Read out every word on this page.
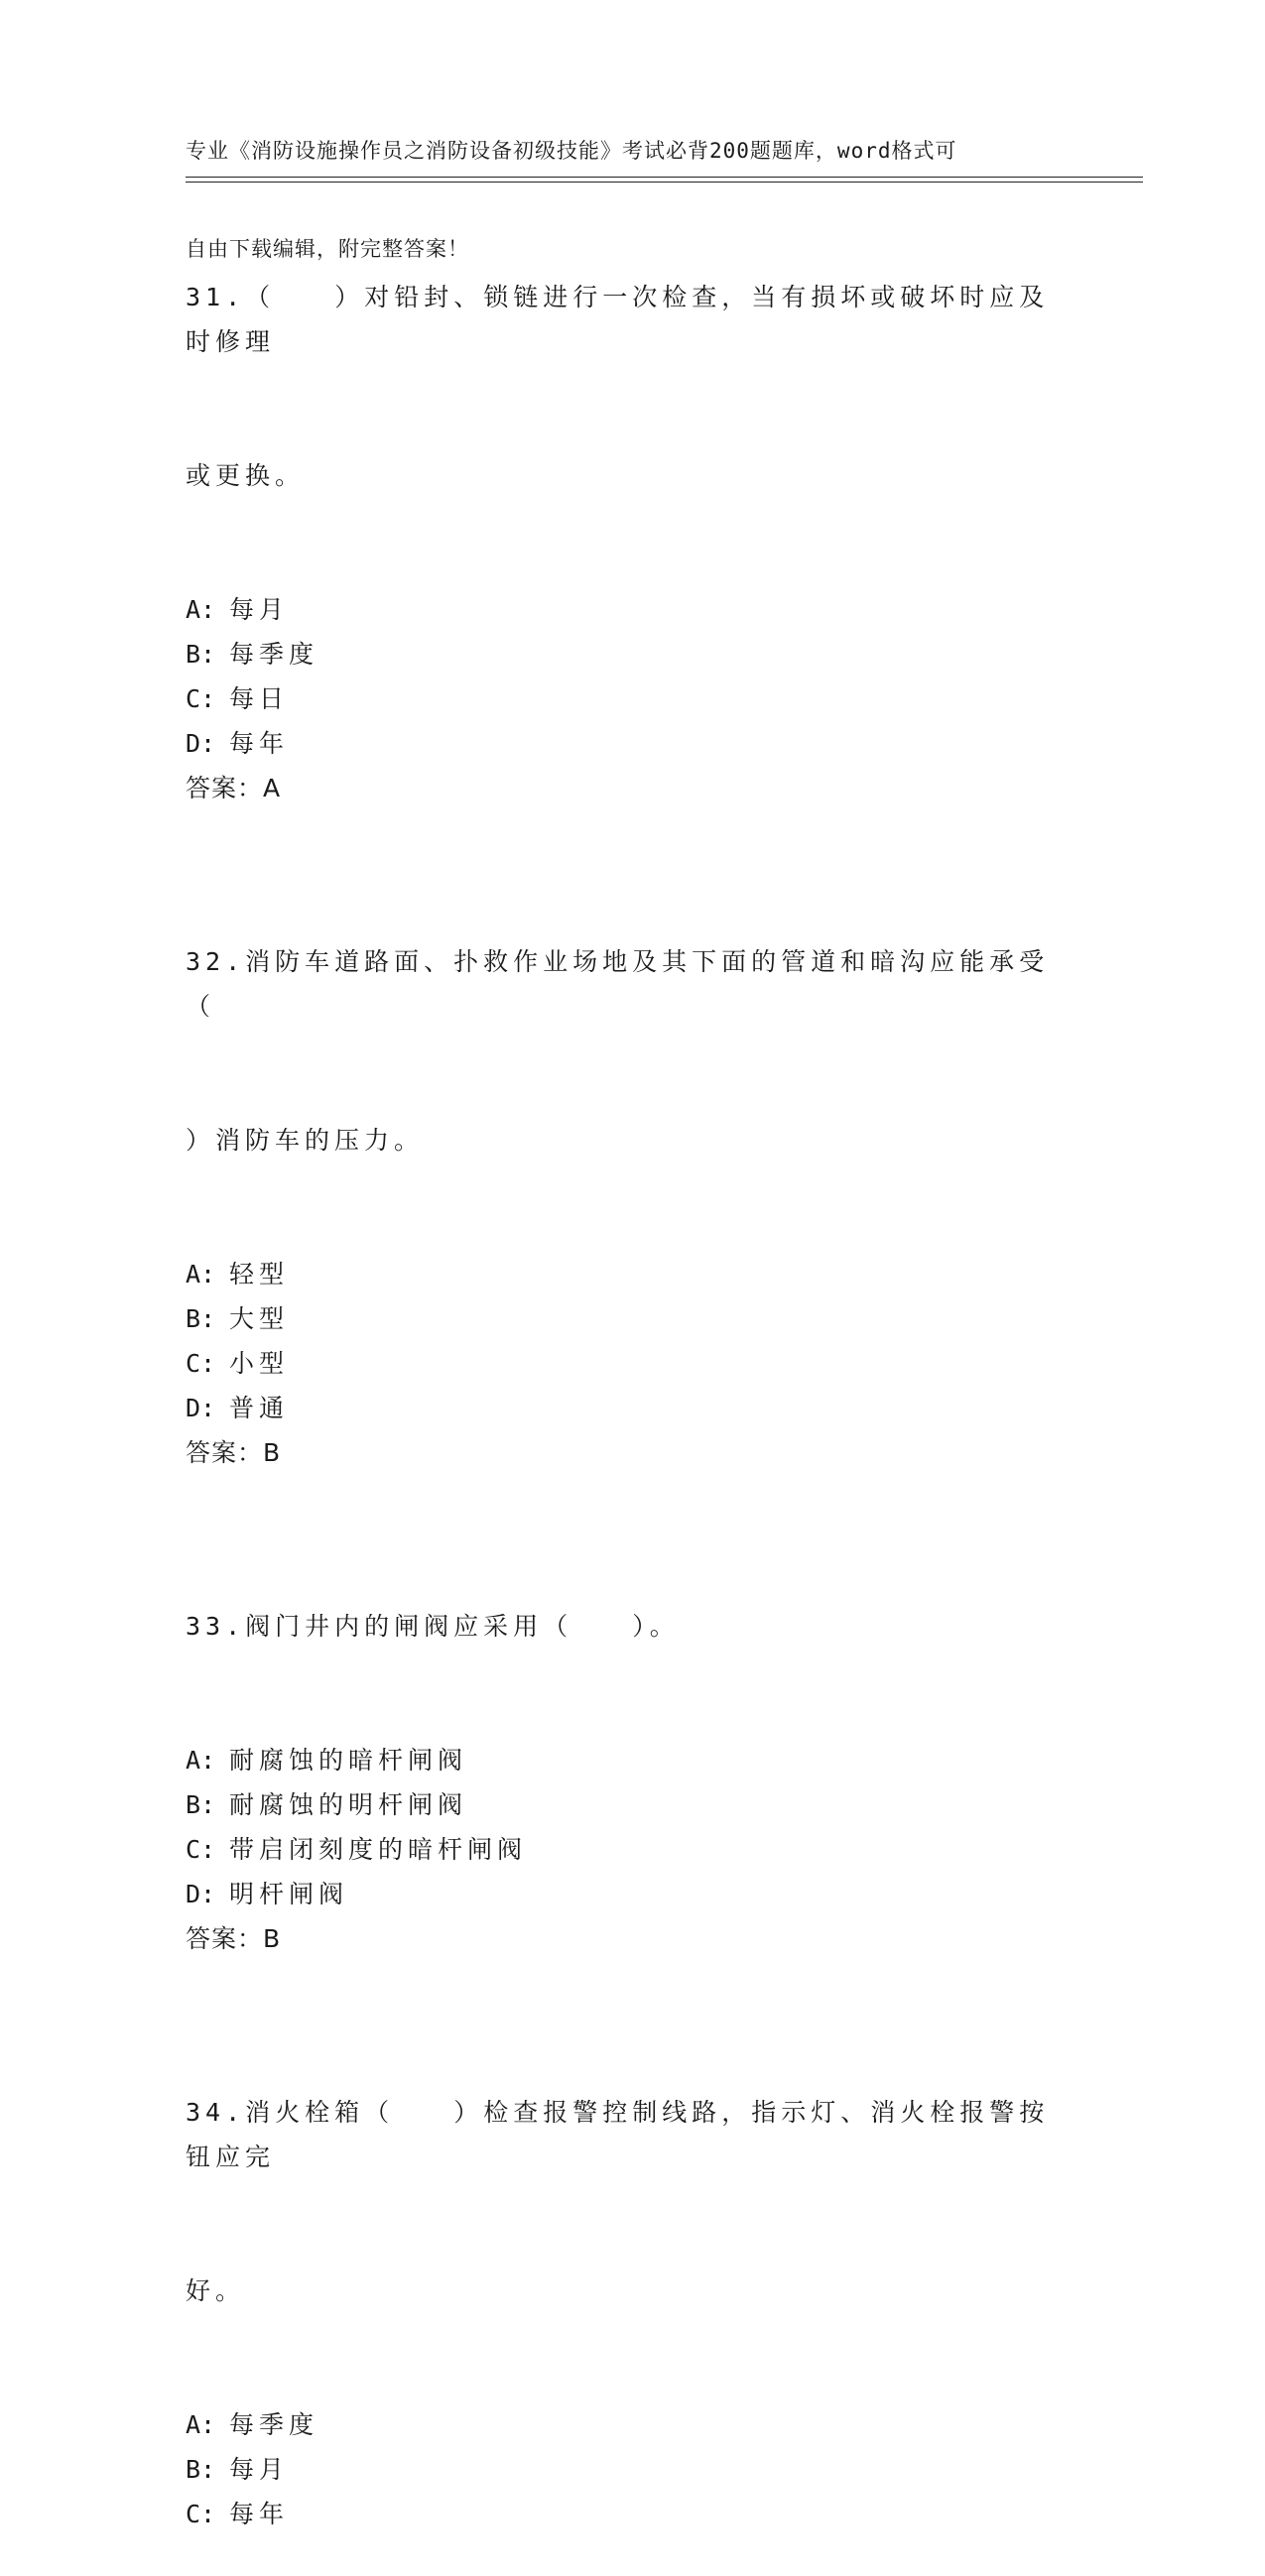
专业《消防设施操作员之消防设备初级技能》考试必背200题题库，word格式可

自由下载编辑，附完整答案！

31.（   ）对铅封、锁链进行一次检查，当有损坏或破坏时应及时修理

或更换。

A: 每月
B: 每季度
C: 每日
D: 每年
答案：A

32.消防车道路面、扑救作业场地及其下面的管道和暗沟应能承受（

）消防车的压力。

A: 轻型
B: 大型
C: 小型
D: 普通
答案：B

33.阀门井内的闸阀应采用（   ）。

A: 耐腐蚀的暗杆闸阀
B: 耐腐蚀的明杆闸阀
C: 带启闭刻度的暗杆闸阀
D: 明杆闸阀
答案：B

34.消火栓箱（   ）检查报警控制线路，指示灯、消火栓报警按钮应完

好。

A: 每季度
B: 每月
C: 每年
